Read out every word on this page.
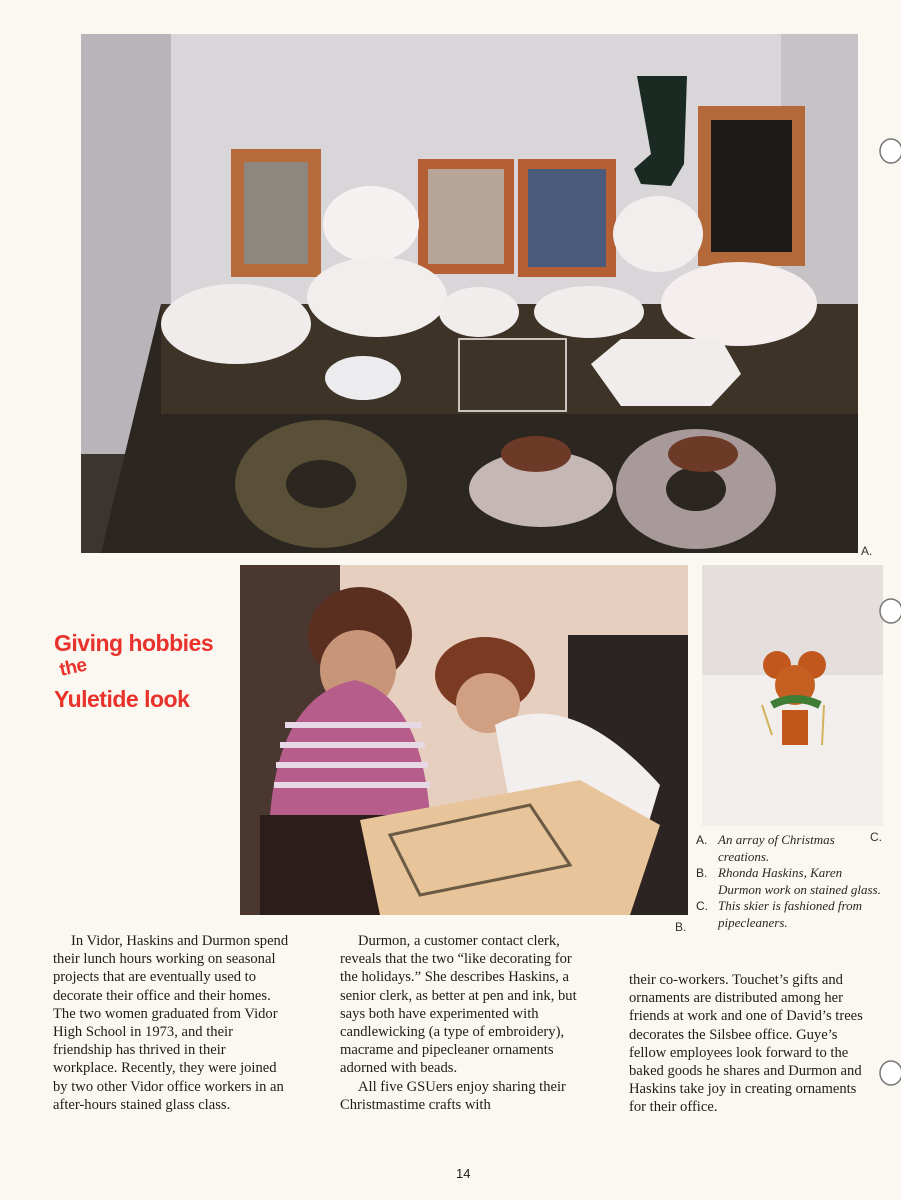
A.
B.
C.
Giving hobbies
the
Yuletide look
A. An array of Christmas creations.
B. Rhonda Haskins, Karen Durmon work on stained glass.
C. This skier is fashioned from pipecleaners.

In Vidor, Haskins and Durmon spend their lunch hours working on seasonal projects that are eventually used to decorate their office and their homes. The two women graduated from Vidor High School in 1973, and their friendship has thrived in their workplace. Recently, they were joined by two other Vidor office workers in an after-hours stained glass class.

Durmon, a customer contact clerk, reveals that the two “like decorating for the holidays.” She describes Haskins, a senior clerk, as better at pen and ink, but says both have experimented with candlewicking (a type of embroidery), macrame and pipecleaner ornaments adorned with beads.

All five GSUers enjoy sharing their Christmastime crafts with

their co-workers. Touchet’s gifts and ornaments are distributed among her friends at work and one of David’s trees decorates the Silsbee office. Guye’s fellow employees look forward to the baked goods he shares and Durmon and Haskins take joy in creating ornaments for their office.

14
